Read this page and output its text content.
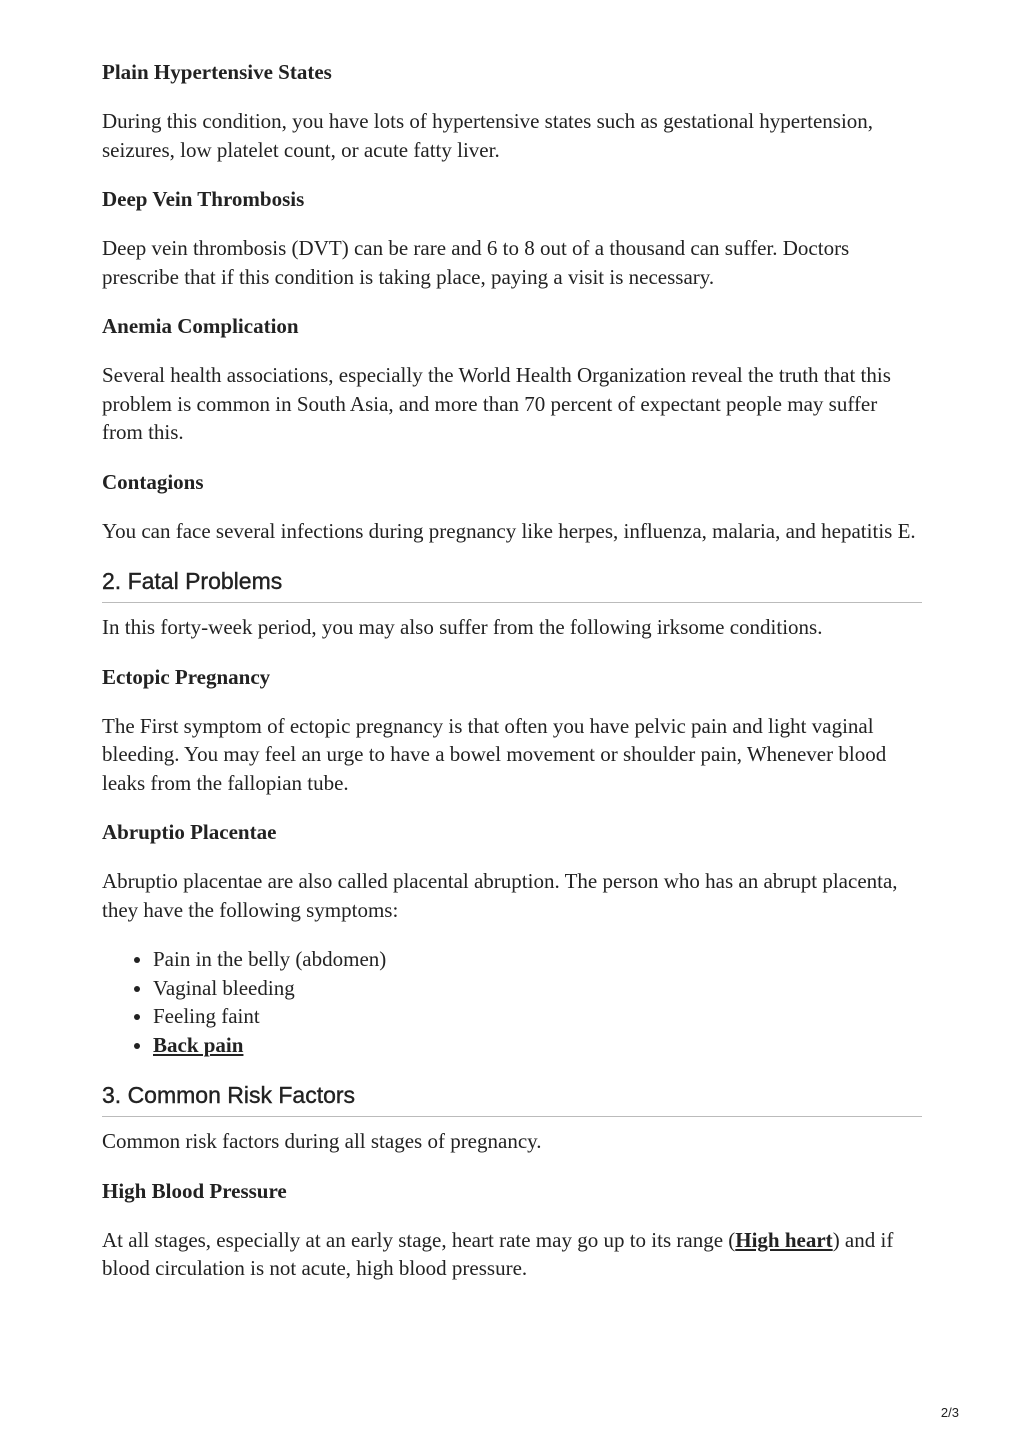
Plain Hypertensive States

During this condition, you have lots of hypertensive states such as gestational hypertension, seizures, low platelet count, or acute fatty liver.

Deep Vein Thrombosis

Deep vein thrombosis (DVT) can be rare and 6 to 8 out of a thousand can suffer. Doctors prescribe that if this condition is taking place, paying a visit is necessary.

Anemia Complication

Several health associations, especially the World Health Organization reveal the truth that this problem is common in South Asia, and more than 70 percent of expectant people may suffer from this.

Contagions

You can face several infections during pregnancy like herpes, influenza, malaria, and hepatitis E.

2. Fatal Problems

In this forty-week period, you may also suffer from the following irksome conditions.

Ectopic Pregnancy

The First symptom of ectopic pregnancy is that often you have pelvic pain and light vaginal bleeding. You may feel an urge to have a bowel movement or shoulder pain, Whenever blood leaks from the fallopian tube.

Abruptio Placentae

Abruptio placentae are also called placental abruption. The person who has an abrupt placenta, they have the following symptoms:

• Pain in the belly (abdomen)
• Vaginal bleeding
• Feeling faint
• Back pain
3. Common Risk Factors

Common risk factors during all stages of pregnancy.

High Blood Pressure

At all stages, especially at an early stage, heart rate may go up to its range (High heart) and if blood circulation is not acute, high blood pressure.

2/3
